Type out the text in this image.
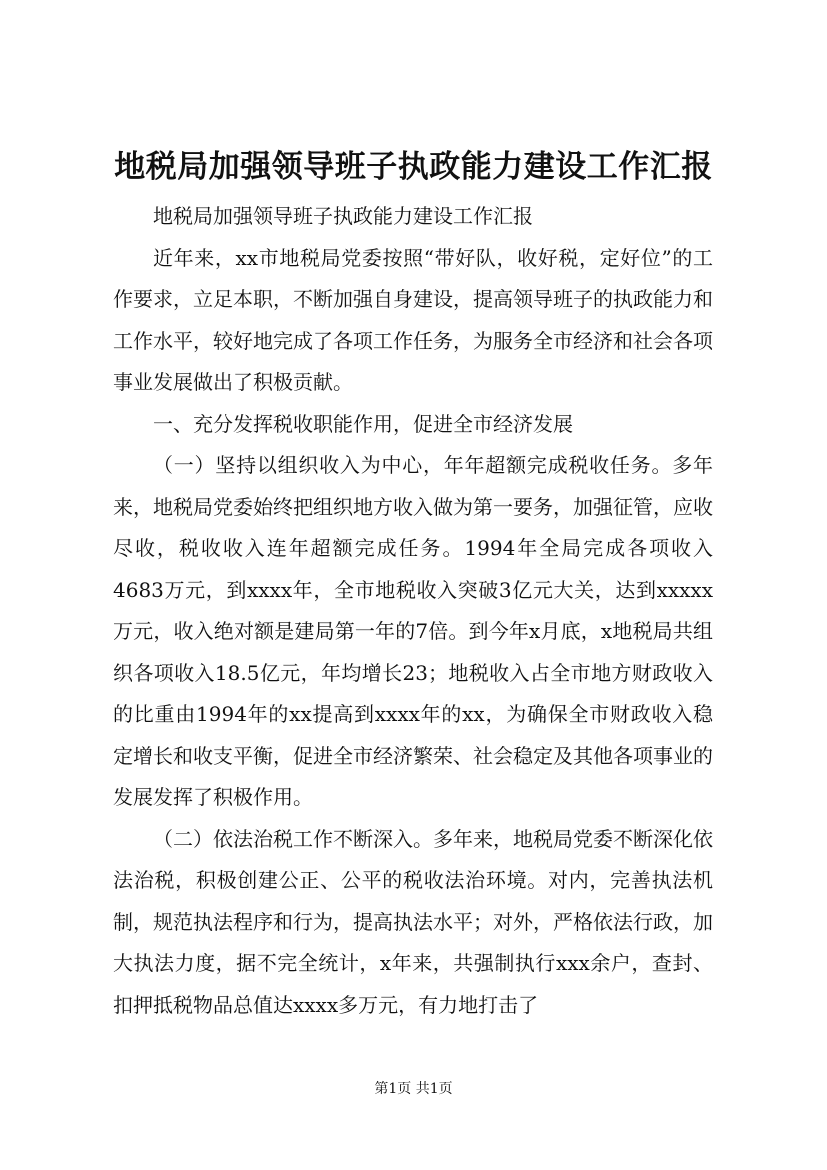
地税局加强领导班子执政能力建设工作汇报

地税局加强领导班子执政能力建设工作汇报

近年来，xx市地税局党委按照“带好队，收好税，定好位”的工作要求，立足本职，不断加强自身建设，提高领导班子的执政能力和工作水平，较好地完成了各项工作任务，为服务全市经济和社会各项事业发展做出了积极贡献。

一、充分发挥税收职能作用，促进全市经济发展

（一）坚持以组织收入为中心，年年超额完成税收任务。多年来，地税局党委始终把组织地方收入做为第一要务，加强征管，应收尽收，税收收入连年超额完成任务。1994年全局完成各项收入4683万元，到xxxx年，全市地税收入突破3亿元大关，达到xxxxx万元，收入绝对额是建局第一年的7倍。到今年x月底，x地税局共组织各项收入18.5亿元，年均增长23；地税收入占全市地方财政收入的比重由1994年的xx提高到xxxx年的xx，为确保全市财政收入稳定增长和收支平衡，促进全市经济繁荣、社会稳定及其他各项事业的发展发挥了积极作用。

（二）依法治税工作不断深入。多年来，地税局党委不断深化依法治税，积极创建公正、公平的税收法治环境。对内，完善执法机制，规范执法程序和行为，提高执法水平；对外，严格依法行政，加大执法力度，据不完全统计，x年来，共强制执行xxx余户，查封、扣押抵税物品总值达xxxx多万元，有力地打击了

第1页 共1页
